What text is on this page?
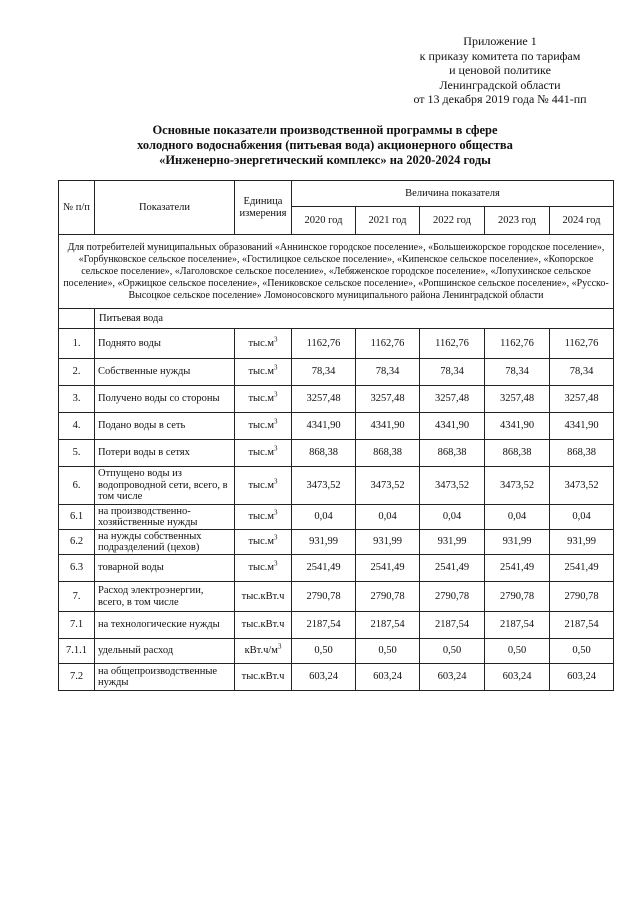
Приложение 1
к приказу комитета по тарифам
и ценовой политике
Ленинградской области
от 13 декабря 2019 года № 441-пп
Основные показатели производственной программы в сфере
холодного водоснабжения (питьевая вода) акционерного общества
«Инженерно-энергетический комплекс» на 2020-2024 годы
№ п/п	Показатели	Единица измерения	Величина показателя				
			2020 год	2021 год	2022 год	2023 год	2024 год
Для потребителей муниципальных образований «Аннинское городское поселение», «Большеижорское городское поселение», «Горбунковское сельское поселение», «Гостилицкое сельское поселение», «Кипенское сельское поселение», «Копорское сельское поселение», «Лаголовское сельское поселение», «Лебяженское городское поселение», «Лопухинское сельское поселение», «Оржицкое сельское поселение», «Пениковское сельское поселение», «Ропшинское сельское поселение», «Русско-Высоцкое сельское поселение» Ломоносовского муниципального района Ленинградской области							
	Питьевая вода						
1.	Поднято воды	$тыс.м^3$	1162,76	1162,76	1162,76	1162,76	1162,76
2.	Собственные нужды	$тыс.м^3$	78,34	78,34	78,34	78,34	78,34
3.	Получено воды со стороны	$тыс.м^3$	3257,48	3257,48	3257,48	3257,48	3257,48
4.	Подано воды в сеть	$тыс.м^3$	4341,90	4341,90	4341,90	4341,90	4341,90
5.	Потери воды в сетях	$тыс.м^3$	868,38	868,38	868,38	868,38	868,38
6.	Отпущено воды из водопроводной сети, всего, в том числе	$тыс.м^3$	3473,52	3473,52	3473,52	3473,52	3473,52
6.1	на производственно-хозяйственные нужды	$тыс.м^3$	0,04	0,04	0,04	0,04	0,04
6.2	на нужды собственных подразделений (цехов)	$тыс.м^3$	931,99	931,99	931,99	931,99	931,99
6.3	товарной воды	$тыс.м^3$	2541,49	2541,49	2541,49	2541,49	2541,49
7.	Расход электроэнергии, всего, в том числе	тыс.кВт.ч	2790,78	2790,78	2790,78	2790,78	2790,78
7.1	на технологические нужды	тыс.кВт.ч	2187,54	2187,54	2187,54	2187,54	2187,54
7.1.1	удельный расход	$кВт.ч/м^3$	0,50	0,50	0,50	0,50	0,50
7.2	на общепроизводственные нужды	тыс.кВт.ч	603,24	603,24	603,24	603,24	603,24
